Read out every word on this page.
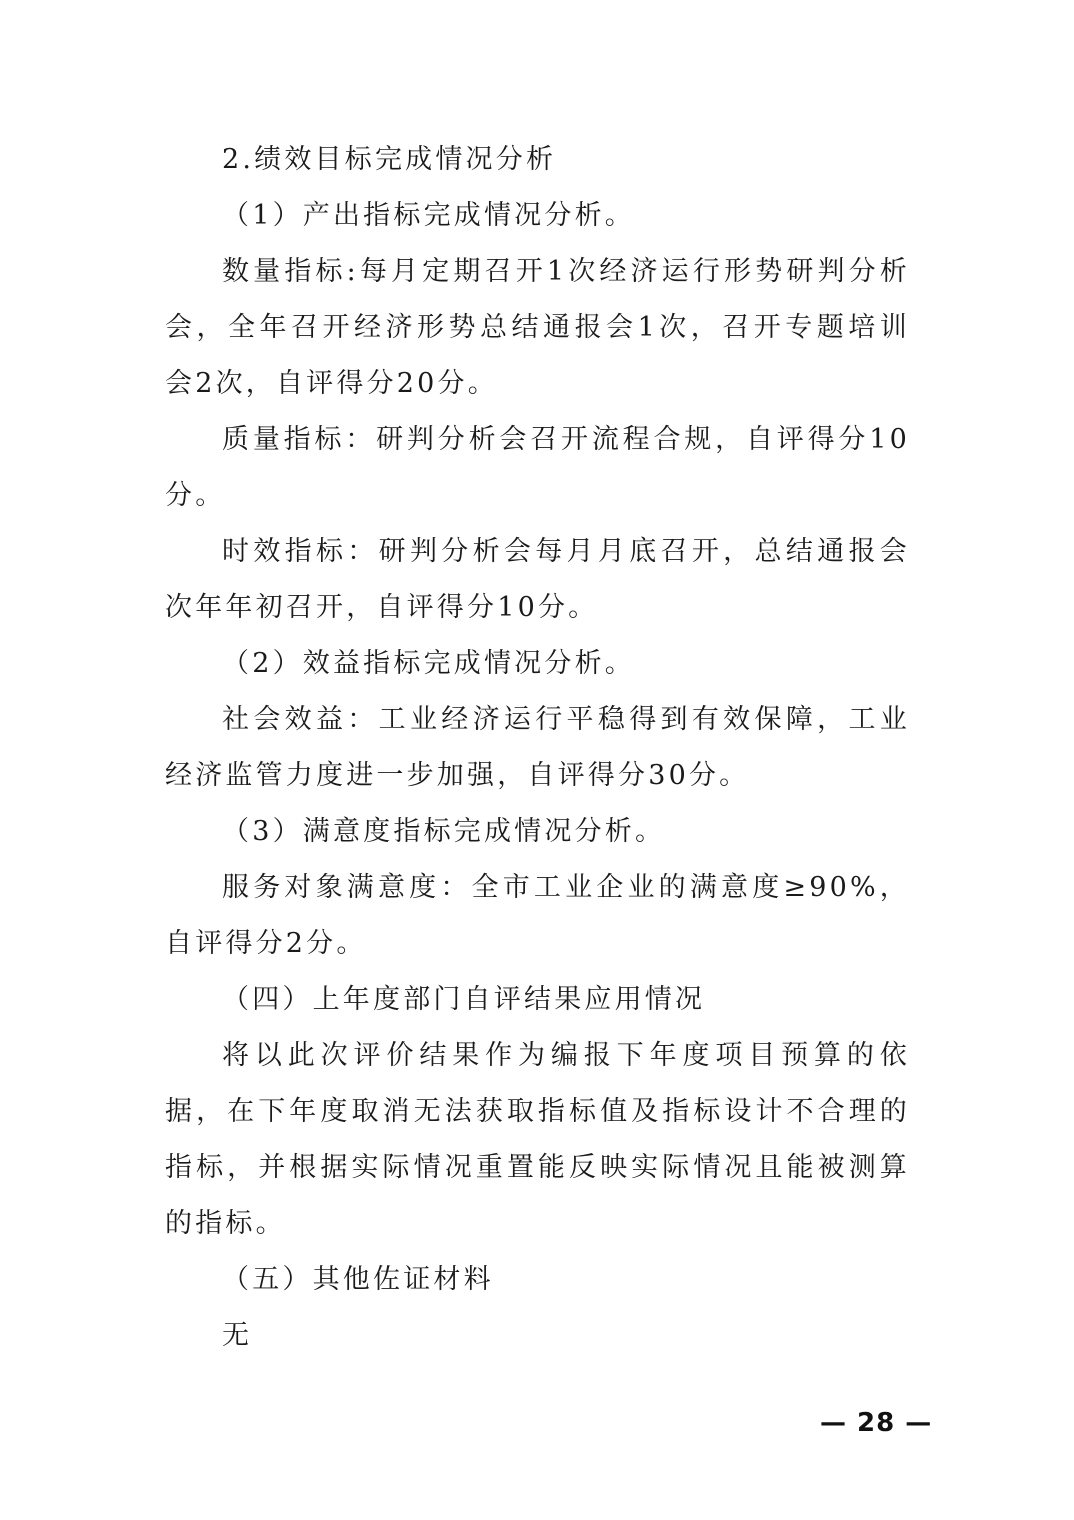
2.绩效目标完成情况分析

（1）产出指标完成情况分析。

数量指标:每月定期召开1次经济运行形势研判分析会，全年召开经济形势总结通报会1次，召开专题培训会2次，自评得分20分。

质量指标：研判分析会召开流程合规，自评得分10分。

时效指标：研判分析会每月月底召开，总结通报会次年年初召开，自评得分10分。

（2）效益指标完成情况分析。

社会效益：工业经济运行平稳得到有效保障，工业经济监管力度进一步加强，自评得分30分。

（3）满意度指标完成情况分析。

服务对象满意度：全市工业企业的满意度≥90%，自评得分2分。

（四）上年度部门自评结果应用情况

将以此次评价结果作为编报下年度项目预算的依据，在下年度取消无法获取指标值及指标设计不合理的指标，并根据实际情况重置能反映实际情况且能被测算的指标。

（五）其他佐证材料

无

— 28 —
